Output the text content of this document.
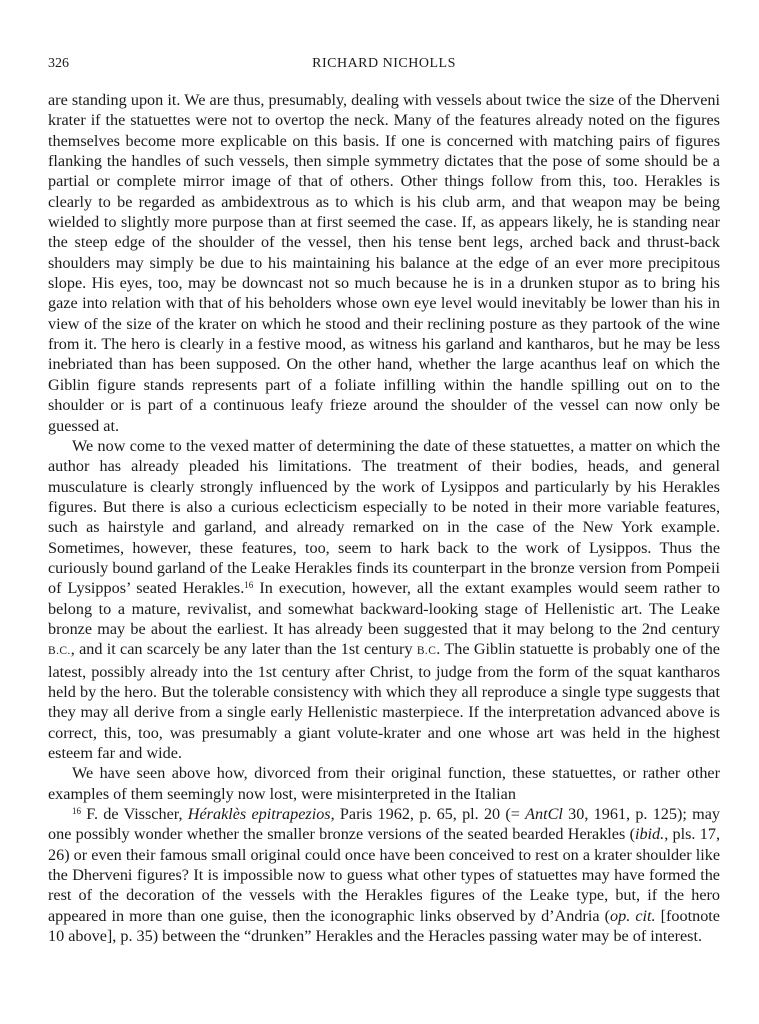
326	RICHARD NICHOLLS

are standing upon it. We are thus, presumably, dealing with vessels about twice the size of the Dherveni krater if the statuettes were not to overtop the neck. Many of the features already noted on the figures themselves become more explicable on this basis. If one is concerned with matching pairs of figures flanking the handles of such vessels, then simple symmetry dictates that the pose of some should be a partial or complete mirror image of that of others. Other things follow from this, too. Herakles is clearly to be regarded as ambidextrous as to which is his club arm, and that weapon may be being wielded to slightly more purpose than at first seemed the case. If, as appears likely, he is standing near the steep edge of the shoulder of the vessel, then his tense bent legs, arched back and thrust-back shoulders may simply be due to his maintaining his balance at the edge of an ever more precipitous slope. His eyes, too, may be downcast not so much because he is in a drunken stupor as to bring his gaze into relation with that of his beholders whose own eye level would inevitably be lower than his in view of the size of the krater on which he stood and their reclining posture as they partook of the wine from it. The hero is clearly in a festive mood, as witness his garland and kantharos, but he may be less inebriated than has been supposed. On the other hand, whether the large acanthus leaf on which the Giblin figure stands represents part of a foliate infilling within the handle spilling out on to the shoulder or is part of a continuous leafy frieze around the shoulder of the vessel can now only be guessed at.

We now come to the vexed matter of determining the date of these statuettes, a matter on which the author has already pleaded his limitations. The treatment of their bodies, heads, and general musculature is clearly strongly influenced by the work of Lysippos and particularly by his Herakles figures. But there is also a curious eclecticism especially to be noted in their more variable features, such as hairstyle and garland, and already remarked on in the case of the New York example. Sometimes, however, these features, too, seem to hark back to the work of Lysippos. Thus the curiously bound garland of the Leake Herakles finds its counterpart in the bronze version from Pompeii of Lysippos’ seated Herakles.$^{16}$ In execution, however, all the extant examples would seem rather to belong to a mature, revivalist, and somewhat backward-looking stage of Hellenistic art. The Leake bronze may be about the earliest. It has already been suggested that it may belong to the 2nd century B.C., and it can scarcely be any later than the 1st century B.C. The Giblin statuette is probably one of the latest, possibly already into the 1st century after Christ, to judge from the form of the squat kantharos held by the hero. But the tolerable consistency with which they all reproduce a single type suggests that they may all derive from a single early Hellenistic masterpiece. If the interpretation advanced above is correct, this, too, was presumably a giant volute-krater and one whose art was held in the highest esteem far and wide.

We have seen above how, divorced from their original function, these statuettes, or rather other examples of them seemingly now lost, were misinterpreted in the Italian

$^{16}$ F. de Visscher, Héraklès epitrapezios, Paris 1962, p. 65, pl. 20 (= AntCl 30, 1961, p. 125); may one possibly wonder whether the smaller bronze versions of the seated bearded Herakles (ibid., pls. 17, 26) or even their famous small original could once have been conceived to rest on a krater shoulder like the Dherveni figures? It is impossible now to guess what other types of statuettes may have formed the rest of the decoration of the vessels with the Herakles figures of the Leake type, but, if the hero appeared in more than one guise, then the iconographic links observed by d’Andria (op. cit. [footnote 10 above], p. 35) between the “drunken” Herakles and the Heracles passing water may be of interest.
